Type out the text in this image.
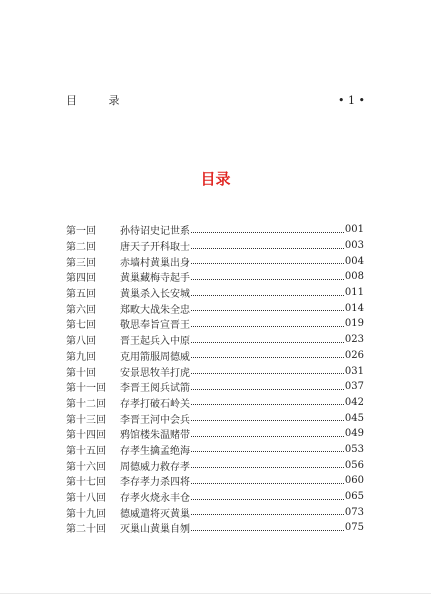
目 录	• 1 •
目录
第一回	孙待诏史记世系	001
第二回	唐天子开科取士	003
第三回	赤墙村黄巢出身	004
第四回	黄巢藏梅寺起手	008
第五回	黄巢杀入长安城	011
第六回	郑畋大战朱全忠	014
第七回	敬思奉旨宣晋王	019
第八回	晋王起兵入中原	023
第九回	克用箭服周德威	026
第十回	安景思牧羊打虎	031
第十一回	李晋王阅兵试箭	037
第十二回	存孝打破石岭关	042
第十三回	李晋王河中会兵	045
第十四回	鸦馆楼朱温赌带	049
第十五回	存孝生擒孟绝海	053
第十六回	周德威力救存孝	056
第十七回	李存孝力杀四将	060
第十八回	存孝火烧永丰仓	065
第十九回	德威遣将灭黄巢	073
第二十回	灭巢山黄巢自刎	075
